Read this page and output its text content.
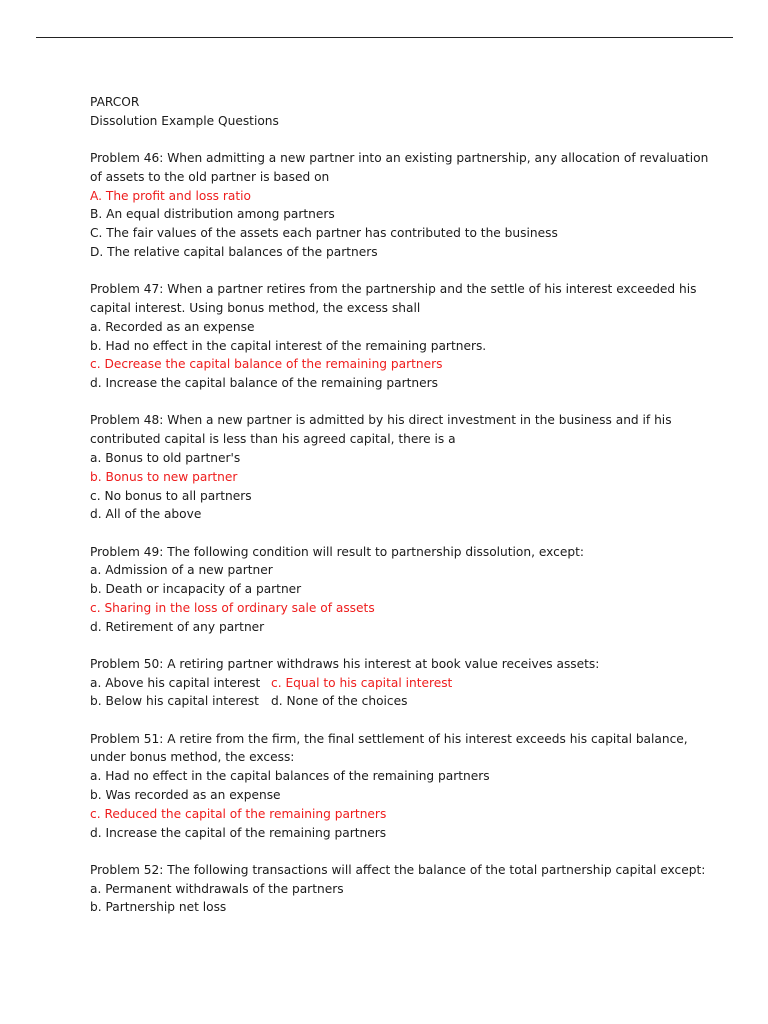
PARCOR
Dissolution Example Questions
Problem 46: When admitting a new partner into an existing partnership, any allocation of revaluation of assets to the old partner is based on
A. The profit and loss ratio
B. An equal distribution among partners
C. The fair values of the assets each partner has contributed to the business
D. The relative capital balances of the partners
Problem 47: When a partner retires from the partnership and the settle of his interest exceeded his capital interest. Using bonus method, the excess shall
a. Recorded as an expense
b. Had no effect in the capital interest of the remaining partners.
c. Decrease the capital balance of the remaining partners
d. Increase the capital balance of the remaining partners
Problem 48: When a new partner is admitted by his direct investment in the business and if his contributed capital is less than his agreed capital, there is a
a. Bonus to old partner's
b. Bonus to new partner
c. No bonus to all partners
d. All of the above
Problem 49: The following condition will result to partnership dissolution, except:
a. Admission of a new partner
b. Death or incapacity of a partner
c. Sharing in the loss of ordinary sale of assets
d. Retirement of any partner
Problem 50: A retiring partner withdraws his interest at book value receives assets:
a. Above his capital interest c. Equal to his capital interest
b. Below his capital interest d. None of the choices
Problem 51: A retire from the firm, the final settlement of his interest exceeds his capital balance, under bonus method, the excess:
a. Had no effect in the capital balances of the remaining partners
b. Was recorded as an expense
c. Reduced the capital of the remaining partners
d. Increase the capital of the remaining partners
Problem 52: The following transactions will affect the balance of the total partnership capital except:
a. Permanent withdrawals of the partners
b. Partnership net loss
